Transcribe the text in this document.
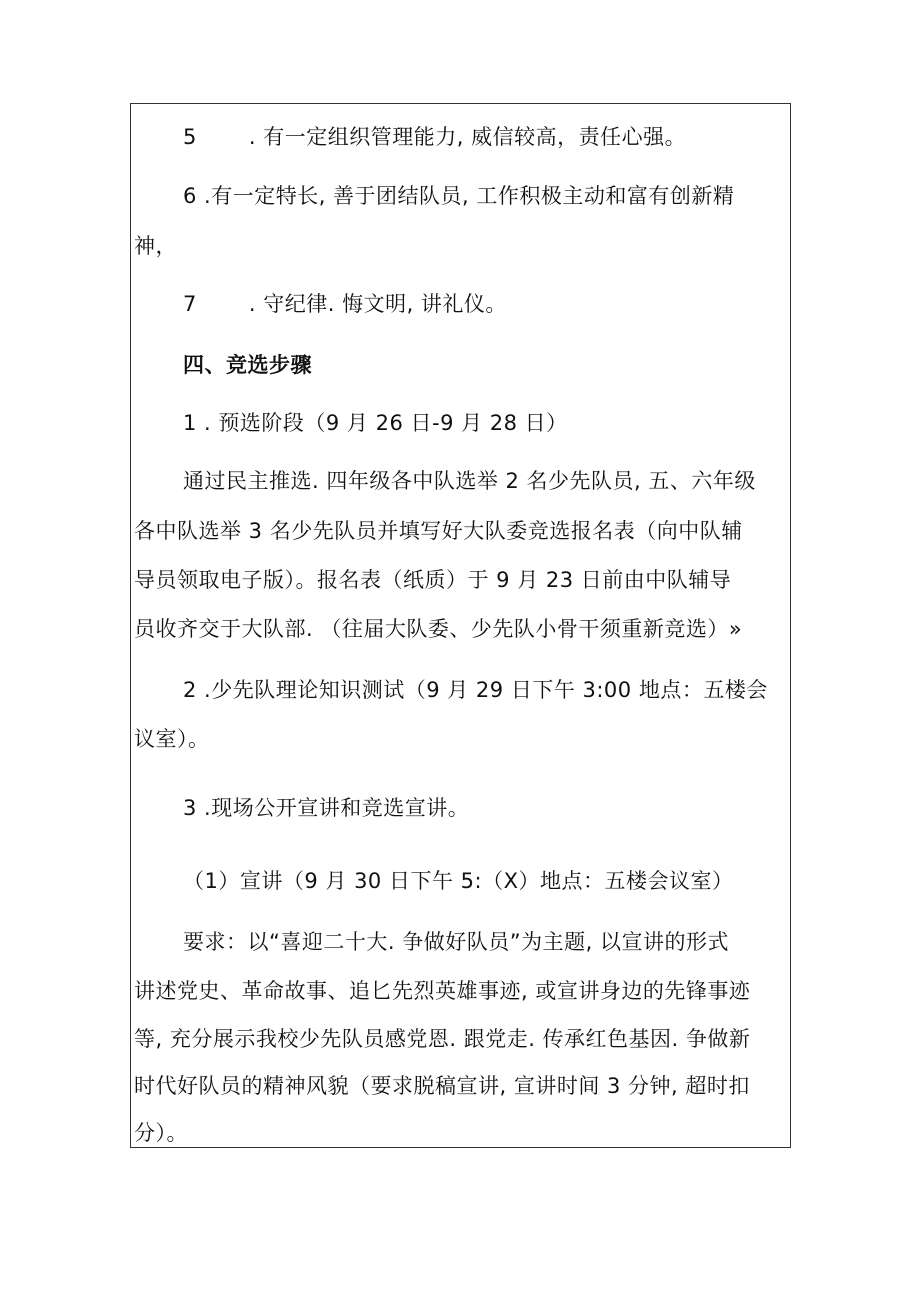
5 . 有一定组织管理能力, 威信较高，责任心强。

6 .有一定特长, 善于团结队员, 工作积极主动和富有创新精

神，

7 . 守纪律. 悔文明, 讲礼仪。

四、竞选步骤

1 . 预选阶段（9 月 26 日-9 月 28 日）

通过民主推选. 四年级各中队选举 2 名少先队员, 五、六年级

各中队选举 3 名少先队员并填写好大队委竞选报名表（向中队辅

导员领取电子版）。报名表（纸质）于 9 月 23 日前由中队辅导

员收齐交于大队部. （往届大队委、少先队小骨干须重新竞选）»

2 .少先队理论知识测试（9 月 29 日下午 3:00 地点：五楼会

议室）。

3 .现场公开宣讲和竞选宣讲。

（1）宣讲（9 月 30 日下午 5:（X）地点：五楼会议室）

要求：以“喜迎二十大. 争做好队员”为主题, 以宣讲的形式

讲述党史、革命故事、追匕先烈英雄事迹, 或宣讲身边的先锋事迹

等, 充分展示我校少先队员感党恩. 跟党走. 传承红色基因. 争做新

时代好队员的精神风貌（要求脱稿宣讲, 宣讲时间 3 分钟, 超时扣

分）。
